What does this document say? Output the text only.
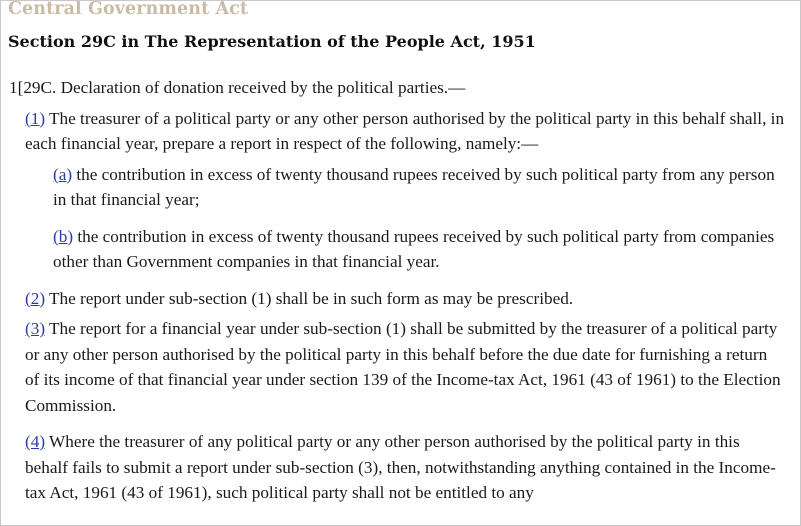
Central Government Act
Section 29C in The Representation of the People Act, 1951
1[29C. Declaration of donation received by the political parties.—
(1) The treasurer of a political party or any other person authorised by the political party in this behalf shall, in each financial year, prepare a report in respect of the following, namely:—
(a) the contribution in excess of twenty thousand rupees received by such political party from any person in that financial year;
(b) the contribution in excess of twenty thousand rupees received by such political party from companies other than Government companies in that financial year.
(2) The report under sub-section (1) shall be in such form as may be prescribed.
(3) The report for a financial year under sub-section (1) shall be submitted by the treasurer of a political party or any other person authorised by the political party in this behalf before the due date for furnishing a return of its income of that financial year under section 139 of the Income-tax Act, 1961 (43 of 1961) to the Election Commission.
(4) Where the treasurer of any political party or any other person authorised by the political party in this behalf fails to submit a report under sub-section (3), then, notwithstanding anything contained in the Income-tax Act, 1961 (43 of 1961), such political party shall not be entitled to any
